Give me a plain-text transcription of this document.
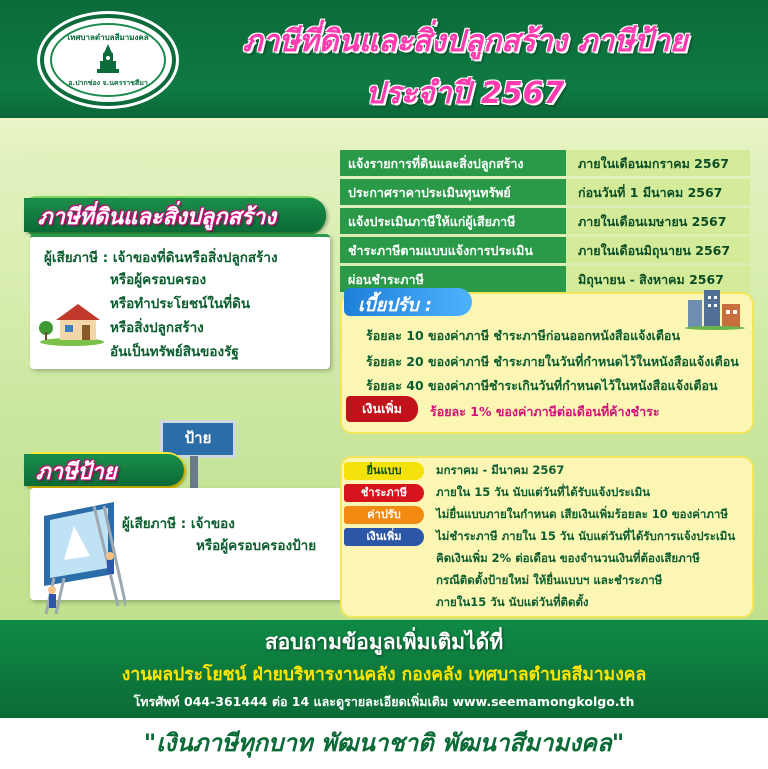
เทศบาลตำบลสีมามงคล
อ.ปากช่อง จ.นครราชสีมา
ภาษีที่ดินและสิ่งปลูกสร้าง ภาษีป้าย
ประจำปี 2567
ภาษีที่ดินและสิ่งปลูกสร้าง
ผู้เสียภาษี : เจ้าของที่ดินหรือสิ่งปลูกสร้าง
หรือผู้ครอบครอง
หรือทำประโยชน์ในที่ดิน
หรือสิ่งปลูกสร้าง
อันเป็นทรัพย์สินของรัฐ
แจ้งรายการที่ดินและสิ่งปลูกสร้าง	ภายในเดือนมกราคม 2567
ประกาศราคาประเมินทุนทรัพย์	ก่อนวันที่ 1 มีนาคม 2567
แจ้งประเมินภาษีให้แก่ผู้เสียภาษี	ภายในเดือนเมษายน 2567
ชำระภาษีตามแบบแจ้งการประเมิน	ภายในเดือนมิถุนายน 2567
ผ่อนชำระภาษี	มิถุนายน - สิงหาคม 2567
เบี้ยปรับ :
ร้อยละ 10 ของค่าภาษี ชำระภาษีก่อนออกหนังสือแจ้งเตือน
ร้อยละ 20 ของค่าภาษี ชำระภายในวันที่กำหนดไว้ในหนังสือแจ้งเตือน
ร้อยละ 40 ของค่าภาษีชำระเกินวันที่กำหนดไว้ในหนังสือแจ้งเตือน
เงินเพิ่ม	ร้อยละ 1% ของค่าภาษีต่อเดือนที่ค้างชำระ
ป้าย
ภาษีป้าย
ผู้เสียภาษี : เจ้าของ
หรือผู้ครอบครองป้าย
ยื่นแบบ	มกราคม - มีนาคม 2567
ชำระภาษี	ภายใน 15 วัน นับแต่วันที่ได้รับแจ้งประเมิน
ค่าปรับ	ไม่ยื่นแบบภายในกำหนด เสียเงินเพิ่มร้อยละ 10 ของค่าภาษี
เงินเพิ่ม	ไม่ชำระภาษี ภายใน 15 วัน นับแต่วันที่ได้รับการแจ้งประเมิน
คิดเงินเพิ่ม 2% ต่อเดือน ของจำนวนเงินที่ต้องเสียภาษี
กรณีติดตั้งป้ายใหม่ ให้ยื่นแบบฯ และชำระภาษี
ภายใน15 วัน นับแต่วันที่ติดตั้ง
สอบถามข้อมูลเพิ่มเติมได้ที่
งานผลประโยชน์ ฝ่ายบริหารงานคลัง กองคลัง เทศบาลตำบลสีมามงคล
โทรศัพท์ 044-361444 ต่อ 14 และดูรายละเอียดเพิ่มเติม www.seemamongkolgo.th
"เงินภาษีทุกบาท พัฒนาชาติ พัฒนาสีมามงคล"
